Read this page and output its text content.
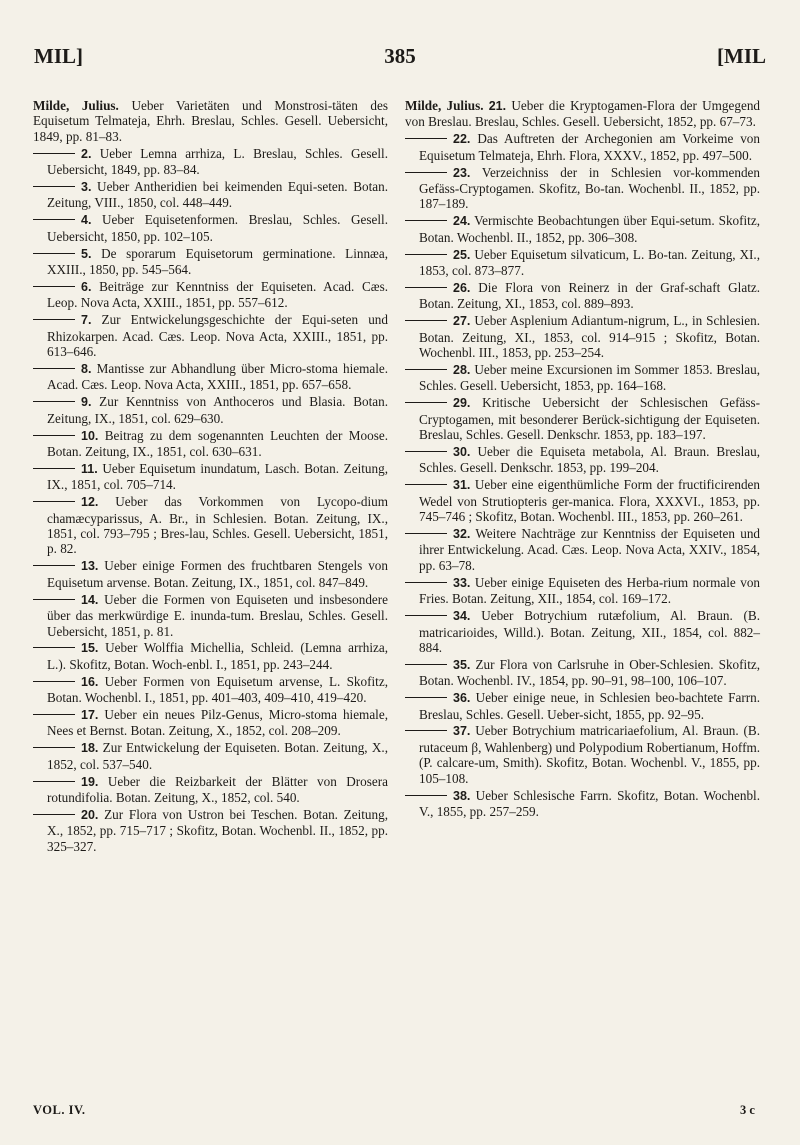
MIL]	385	[MIL

Milde, Julius. Ueber Varietäten und Monstrosi-täten des Equisetum Telmateja, Ehrh. Breslau, Schles. Gesell. Uebersicht, 1849, pp. 81–83.

2. Ueber Lemna arrhiza, L. Breslau, Schles. Gesell. Uebersicht, 1849, pp. 83–84.

3. Ueber Antheridien bei keimenden Equi-seten. Botan. Zeitung, VIII., 1850, col. 448–449.

4. Ueber Equisetenformen. Breslau, Schles. Gesell. Uebersicht, 1850, pp. 102–105.

5. De sporarum Equisetorum germinatione. Linnæa, XXIII., 1850, pp. 545–564.

6. Beiträge zur Kenntniss der Equiseten. Acad. Cæs. Leop. Nova Acta, XXIII., 1851, pp. 557–612.

7. Zur Entwickelungsgeschichte der Equi-seten und Rhizokarpen. Acad. Cæs. Leop. Nova Acta, XXIII., 1851, pp. 613–646.

8. Mantisse zur Abhandlung über Micro-stoma hiemale. Acad. Cæs. Leop. Nova Acta, XXIII., 1851, pp. 657–658.

9. Zur Kenntniss von Anthoceros und Blasia. Botan. Zeitung, IX., 1851, col. 629–630.

10. Beitrag zu dem sogenannten Leuchten der Moose. Botan. Zeitung, IX., 1851, col. 630–631.

11. Ueber Equisetum inundatum, Lasch. Botan. Zeitung, IX., 1851, col. 705–714.

12. Ueber das Vorkommen von Lycopo-dium chamæcyparissus, A. Br., in Schlesien. Botan. Zeitung, IX., 1851, col. 793–795 ; Bres-lau, Schles. Gesell. Uebersicht, 1851, p. 82.

13. Ueber einige Formen des fruchtbaren Stengels von Equisetum arvense. Botan. Zeitung, IX., 1851, col. 847–849.

14. Ueber die Formen von Equiseten und insbesondere über das merkwürdige E. inunda-tum. Breslau, Schles. Gesell. Uebersicht, 1851, p. 81.

15. Ueber Wolffia Michellia, Schleid. (Lemna arrhiza, L.). Skofitz, Botan. Woch-enbl. I., 1851, pp. 243–244.

16. Ueber Formen von Equisetum arvense, L. Skofitz, Botan. Wochenbl. I., 1851, pp. 401–403, 409–410, 419–420.

17. Ueber ein neues Pilz-Genus, Micro-stoma hiemale, Nees et Bernst. Botan. Zeitung, X., 1852, col. 208–209.

18. Zur Entwickelung der Equiseten. Botan. Zeitung, X., 1852, col. 537–540.

19. Ueber die Reizbarkeit der Blätter von Drosera rotundifolia. Botan. Zeitung, X., 1852, col. 540.

20. Zur Flora von Ustron bei Teschen. Botan. Zeitung, X., 1852, pp. 715–717 ; Skofitz, Botan. Wochenbl. II., 1852, pp. 325–327.

Milde, Julius. 21. Ueber die Kryptogamen-Flora der Umgegend von Breslau. Breslau, Schles. Gesell. Uebersicht, 1852, pp. 67–73.

22. Das Auftreten der Archegonien am Vorkeime von Equisetum Telmateja, Ehrh. Flora, XXXV., 1852, pp. 497–500.

23. Verzeichniss der in Schlesien vor-kommenden Gefäss-Cryptogamen. Skofitz, Bo-tan. Wochenbl. II., 1852, pp. 187–189.

24. Vermischte Beobachtungen über Equi-setum. Skofitz, Botan. Wochenbl. II., 1852, pp. 306–308.

25. Ueber Equisetum silvaticum, L. Bo-tan. Zeitung, XI., 1853, col. 873–877.

26. Die Flora von Reinerz in der Graf-schaft Glatz. Botan. Zeitung, XI., 1853, col. 889–893.

27. Ueber Asplenium Adiantum-nigrum, L., in Schlesien. Botan. Zeitung, XI., 1853, col. 914–915 ; Skofitz, Botan. Wochenbl. III., 1853, pp. 253–254.

28. Ueber meine Excursionen im Sommer 1853. Breslau, Schles. Gesell. Uebersicht, 1853, pp. 164–168.

29. Kritische Uebersicht der Schlesischen Gefäss-Cryptogamen, mit besonderer Berück-sichtigung der Equiseten. Breslau, Schles. Gesell. Denkschr. 1853, pp. 183–197.

30. Ueber die Equiseta metabola, Al. Braun. Breslau, Schles. Gesell. Denkschr. 1853, pp. 199–204.

31. Ueber eine eigenthümliche Form der fructificirenden Wedel von Strutiopteris ger-manica. Flora, XXXVI., 1853, pp. 745–746 ; Skofitz, Botan. Wochenbl. III., 1853, pp. 260–261.

32. Weitere Nachträge zur Kenntniss der Equiseten und ihrer Entwickelung. Acad. Cæs. Leop. Nova Acta, XXIV., 1854, pp. 63–78.

33. Ueber einige Equiseten des Herba-rium normale von Fries. Botan. Zeitung, XII., 1854, col. 169–172.

34. Ueber Botrychium rutæfolium, Al. Braun. (B. matricarioides, Willd.). Botan. Zeitung, XII., 1854, col. 882–884.

35. Zur Flora von Carlsruhe in Ober-Schlesien. Skofitz, Botan. Wochenbl. IV., 1854, pp. 90–91, 98–100, 106–107.

36. Ueber einige neue, in Schlesien beo-bachtete Farrn. Breslau, Schles. Gesell. Ueber-sicht, 1855, pp. 92–95.

37. Ueber Botrychium matricariaefolium, Al. Braun. (B. rutaceum β, Wahlenberg) und Polypodium Robertianum, Hoffm. (P. calcare-um, Smith). Skofitz, Botan. Wochenbl. V., 1855, pp. 105–108.

38. Ueber Schlesische Farrn. Skofitz, Botan. Wochenbl. V., 1855, pp. 257–259.

VOL. IV.	3 c
